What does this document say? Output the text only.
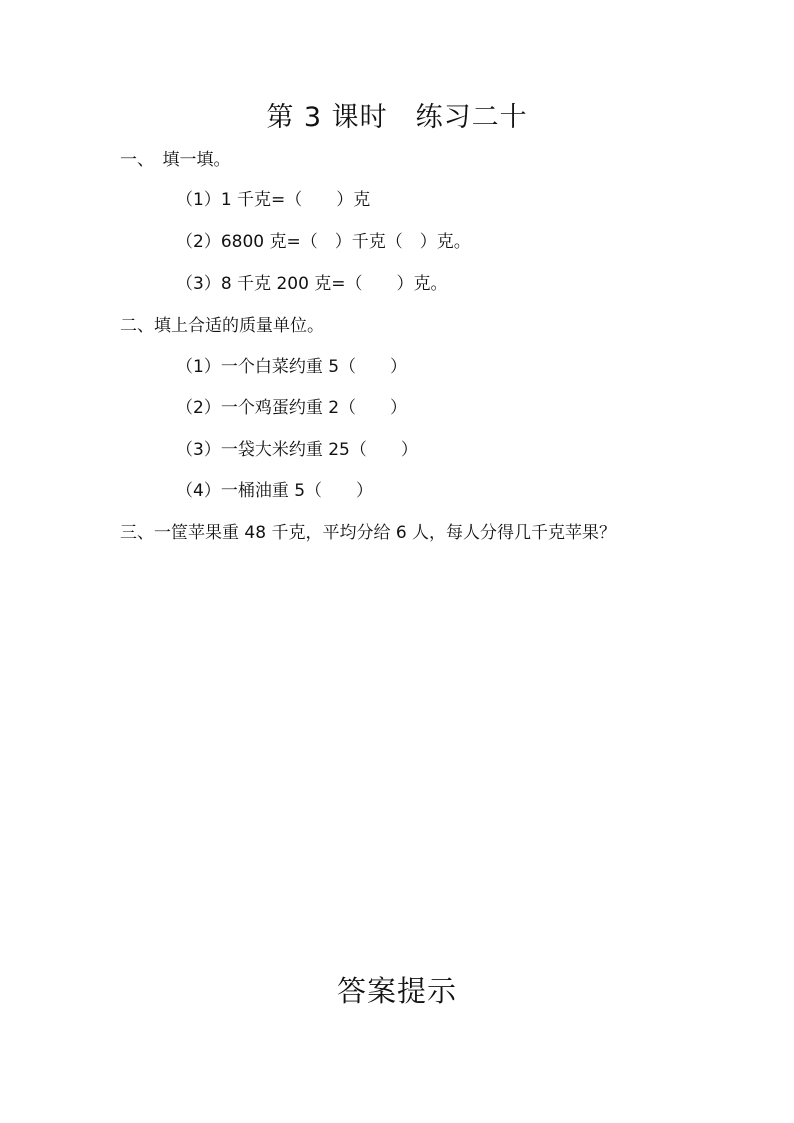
第 3 课时　练习二十
一、　填一填。
（1）1 千克=（　　）克
（2）6800 克=（　）千克（　）克。
（3）8 千克 200 克=（　　）克。
二、填上合适的质量单位。
（1）一个白菜约重 5（　　）
（2）一个鸡蛋约重 2（　　）
（3）一袋大米约重 25（　　）
（4）一桶油重 5（　　）
三、一筐苹果重 48 千克，平均分给 6 人，每人分得几千克苹果？
答案提示
